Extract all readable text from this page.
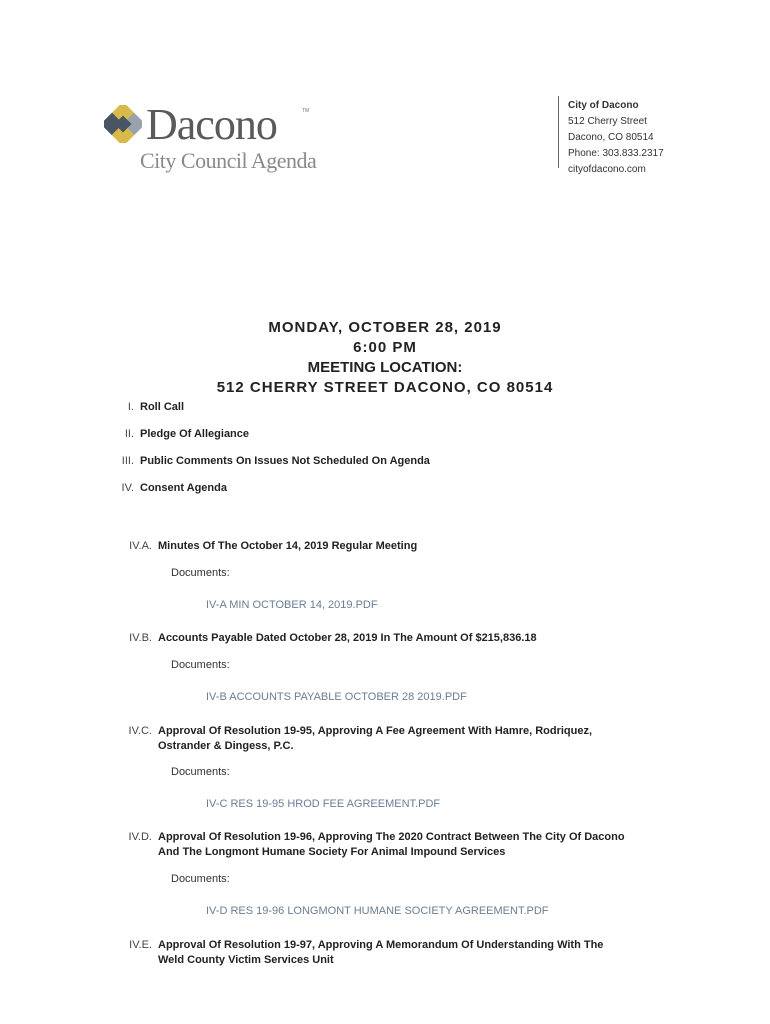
Dacono	TM
City Council Agenda
City of Dacono
512 Cherry Street
Dacono, CO 80514
Phone: 303.833.2317
cityofdacono.com
MONDAY, OCTOBER 28, 2019
6:00 PM
MEETING LOCATION:
512 CHERRY STREET DACONO, CO 80514
I. Roll Call
II. Pledge Of Allegiance
III. Public Comments On Issues Not Scheduled On Agenda
IV. Consent Agenda
IV.A. Minutes Of The October 14, 2019 Regular Meeting
Documents:
IV-A MIN OCTOBER 14, 2019.PDF
IV.B. Accounts Payable Dated October 28, 2019 In The Amount Of $215,836.18
Documents:
IV-B ACCOUNTS PAYABLE OCTOBER 28 2019.PDF
IV.C. Approval Of Resolution 19-95, Approving A Fee Agreement With Hamre, Rodriquez,
Ostrander & Dingess, P.C.
Documents:
IV-C RES 19-95 HROD FEE AGREEMENT.PDF
IV.D. Approval Of Resolution 19-96, Approving The 2020 Contract Between The City Of Dacono
And The Longmont Humane Society For Animal Impound Services
Documents:
IV-D RES 19-96 LONGMONT HUMANE SOCIETY AGREEMENT.PDF
IV.E. Approval Of Resolution 19-97, Approving A Memorandum Of Understanding With The
Weld County Victim Services Unit
